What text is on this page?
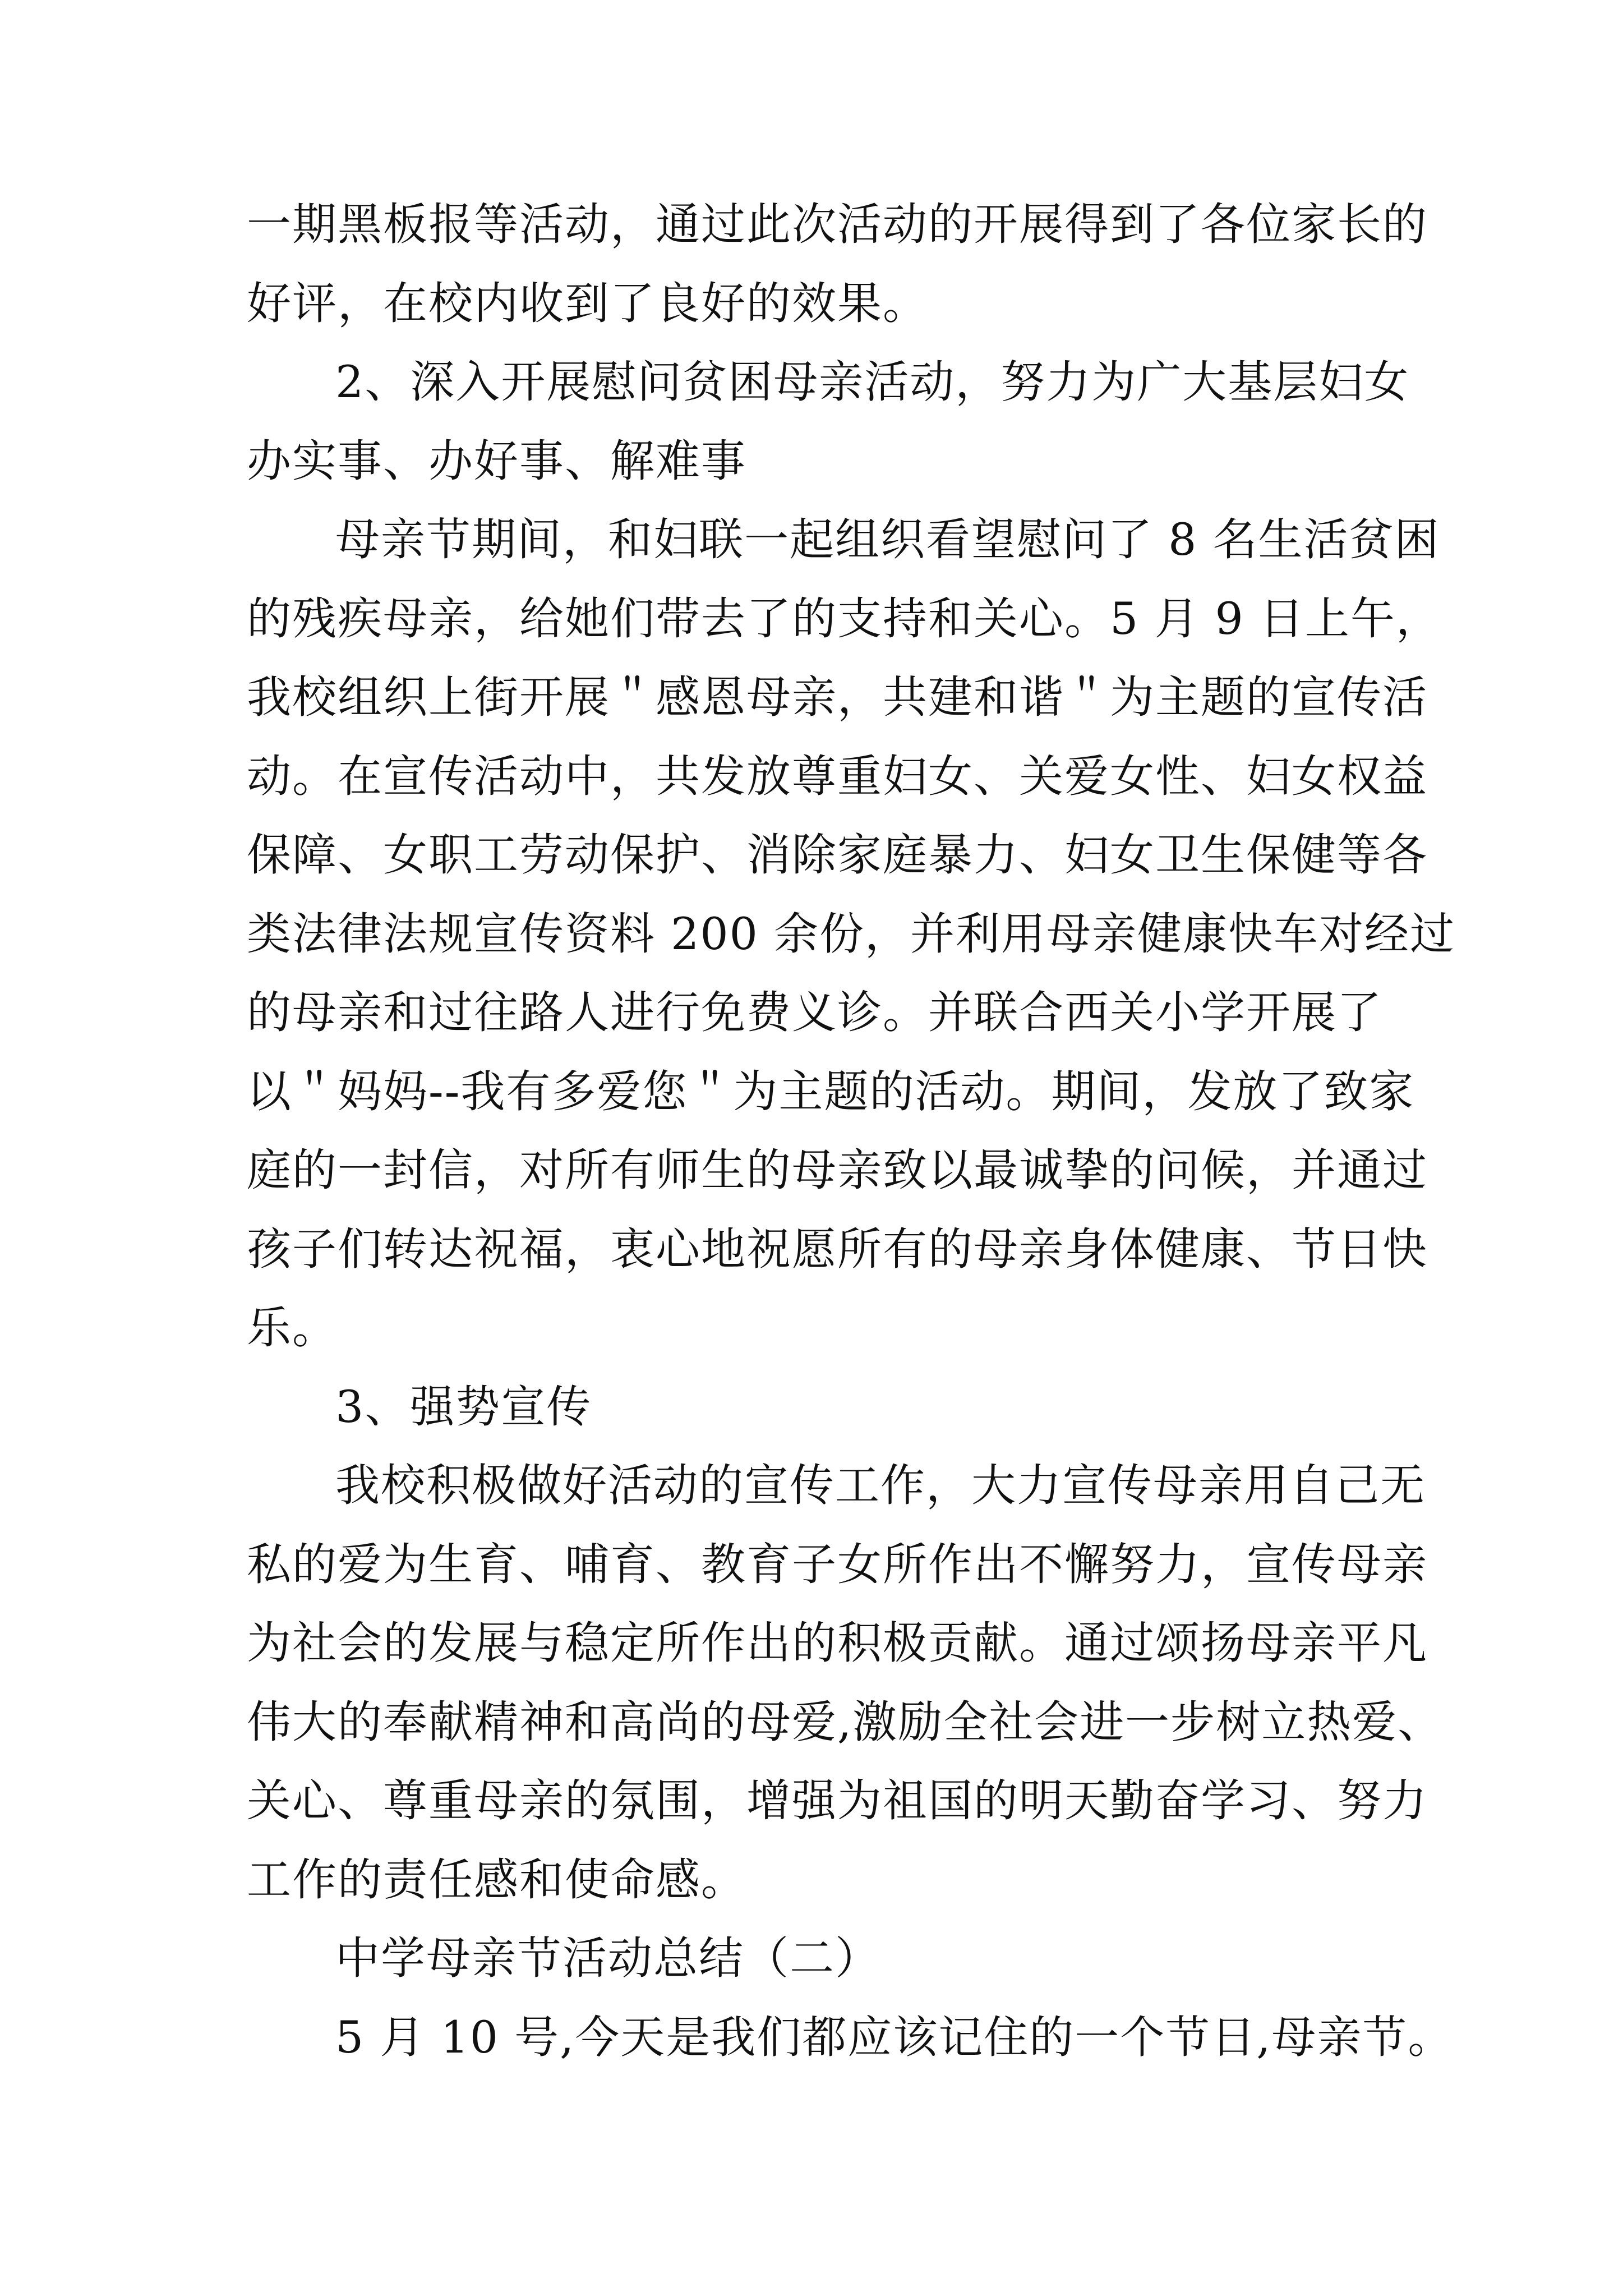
一期黑板报等活动，通过此次活动的开展得到了各位家长的
好评，在校内收到了良好的效果。
2、深入开展慰问贫困母亲活动，努力为广大基层妇女
办实事、办好事、解难事
母亲节期间，和妇联一起组织看望慰问了 8 名生活贫困
的残疾母亲，给她们带去了的支持和关心。5 月 9 日上午，
我校组织上街开展＂感恩母亲，共建和谐＂为主题的宣传活
动。在宣传活动中，共发放尊重妇女、关爱女性、妇女权益
保障、女职工劳动保护、消除家庭暴力、妇女卫生保健等各
类法律法规宣传资料 200 余份，并利用母亲健康快车对经过
的母亲和过往路人进行免费义诊。并联合西关小学开展了
以＂妈妈--我有多爱您＂为主题的活动。期间，发放了致家
庭的一封信，对所有师生的母亲致以最诚挚的问候，并通过
孩子们转达祝福，衷心地祝愿所有的母亲身体健康、节日快
乐。
3、强势宣传
我校积极做好活动的宣传工作，大力宣传母亲用自己无
私的爱为生育、哺育、教育子女所作出不懈努力，宣传母亲
为社会的发展与稳定所作出的积极贡献。通过颂扬母亲平凡
伟大的奉献精神和高尚的母爱,激励全社会进一步树立热爱、
关心、尊重母亲的氛围，增强为祖国的明天勤奋学习、努力
工作的责任感和使命感。
中学母亲节活动总结（二）
5 月 10 号,今天是我们都应该记住的一个节日,母亲节。
